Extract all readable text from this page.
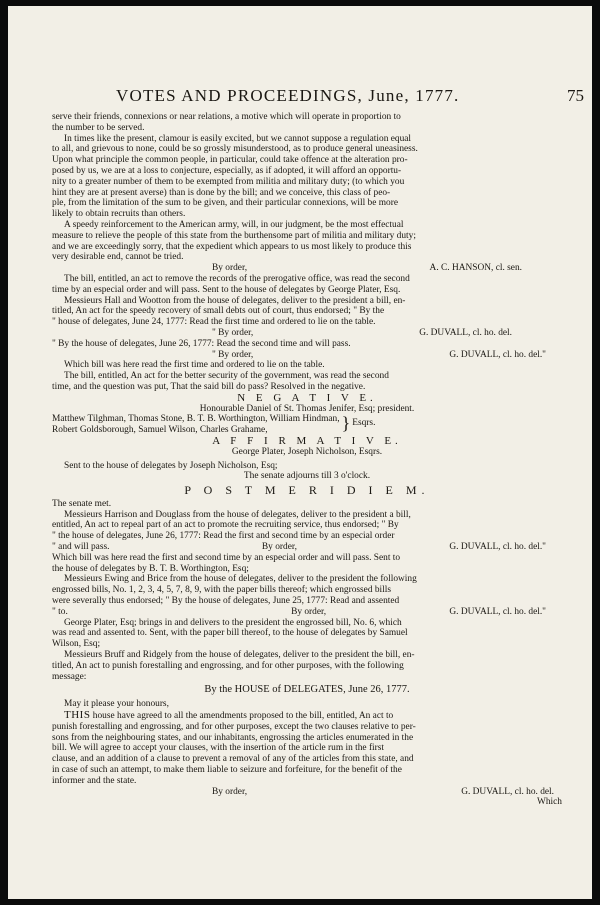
VOTES AND PROCEEDINGS, June, 1777.	75

serve their friends, connexions or near relations, a motive which will operate in proportion to

the number to be served.

In times like the present, clamour is easily excited, but we cannot suppose a regulation equal

to all, and grievous to none, could be so grossly misunderstood, as to produce general uneasiness.

Upon what principle the common people, in particular, could take offence at the alteration pro-

posed by us, we are at a loss to conjecture, especially, as if adopted, it will afford an opportu-

nity to a greater number of them to be exempted from militia and military duty; (to which you

hint they are at present averse) than is done by the bill; and we conceive, this class of peo-

ple, from the limitation of the sum to be given, and their particular connexions, will be more

likely to obtain recruits than others.

A speedy reinforcement to the American army, will, in our judgment, be the most effectual

measure to relieve the people of this state from the burthensome part of militia and military duty;

and we are exceedingly sorry, that the expedient which appears to us most likely to produce this

very desirable end, cannot be tried.

By order,	A. C. HANSON, cl. sen.

The bill, entitled, an act to remove the records of the prerogative office, was read the second

time by an especial order and will pass. Sent to the house of delegates by George Plater, Esq.

Messieurs Hall and Wootton from the house of delegates, deliver to the president a bill, en-

titled, An act for the speedy recovery of small debts out of court, thus endorsed; " By the

" house of delegates, June 24, 1777: Read the first time and ordered to lie on the table.

" By order,	G. DUVALL, cl. ho. del.

" By the house of delegates, June 26, 1777: Read the second time and will pass.

" By order,	G. DUVALL, cl. ho. del."

Which bill was here read the first time and ordered to lie on the table.

The bill, entitled, An act for the better security of the government, was read the second

time, and the question was put, That the said bill do pass? Resolved in the negative.

N E G A T I V E.
Honourable Daniel of St. Thomas Jenifer, Esq; president.
Matthew Tilghman, Thomas Stone, B. T. B. Worthington, William Hindman,
Robert Goldsborough, Samuel Wilson, Charles Grahame,	} Esqrs.
A F F I R M A T I V E.
George Plater, Joseph Nicholson, Esqrs.

Sent to the house of delegates by Joseph Nicholson, Esq;

The senate adjourns till 3 o'clock.
P O S T M E R I D I E M.

The senate met.

Messieurs Harrison and Douglass from the house of delegates, deliver to the president a bill,

entitled, An act to repeal part of an act to promote the recruiting service, thus endorsed; " By

" the house of delegates, June 26, 1777: Read the first and second time by an especial order

" and will pass.	By order,	G. DUVALL, cl. ho. del."

Which bill was here read the first and second time by an especial order and will pass. Sent to

the house of delegates by B. T. B. Worthington, Esq;

Messieurs Ewing and Brice from the house of delegates, deliver to the president the following

engrossed bills, No. 1, 2, 3, 4, 5, 7, 8, 9, with the paper bills thereof; which engrossed bills

were severally thus endorsed; " By the house of delegates, June 25, 1777: Read and assented

" to.	By order,	G. DUVALL, cl. ho. del."

George Plater, Esq; brings in and delivers to the president the engrossed bill, No. 6, which

was read and assented to. Sent, with the paper bill thereof, to the house of delegates by Samuel

Wilson, Esq;

Messieurs Bruff and Ridgely from the house of delegates, deliver to the president the bill, en-

titled, An act to punish forestalling and engrossing, and for other purposes, with the following

message:

By the HOUSE of DELEGATES, June 26, 1777.

May it please your honours,

THIS house have agreed to all the amendments proposed to the bill, entitled, An act to

punish forestalling and engrossing, and for other purposes, except the two clauses relative to per-

sons from the neighbouring states, and our inhabitants, engrossing the articles enumerated in the

bill. We will agree to accept your clauses, with the insertion of the article rum in the first

clause, and an addition of a clause to prevent a removal of any of the articles from this state, and

in case of such an attempt, to make them liable to seizure and forfeiture, for the benefit of the

informer and the state.

By order,	G. DUVALL, cl. ho. del.
Which
